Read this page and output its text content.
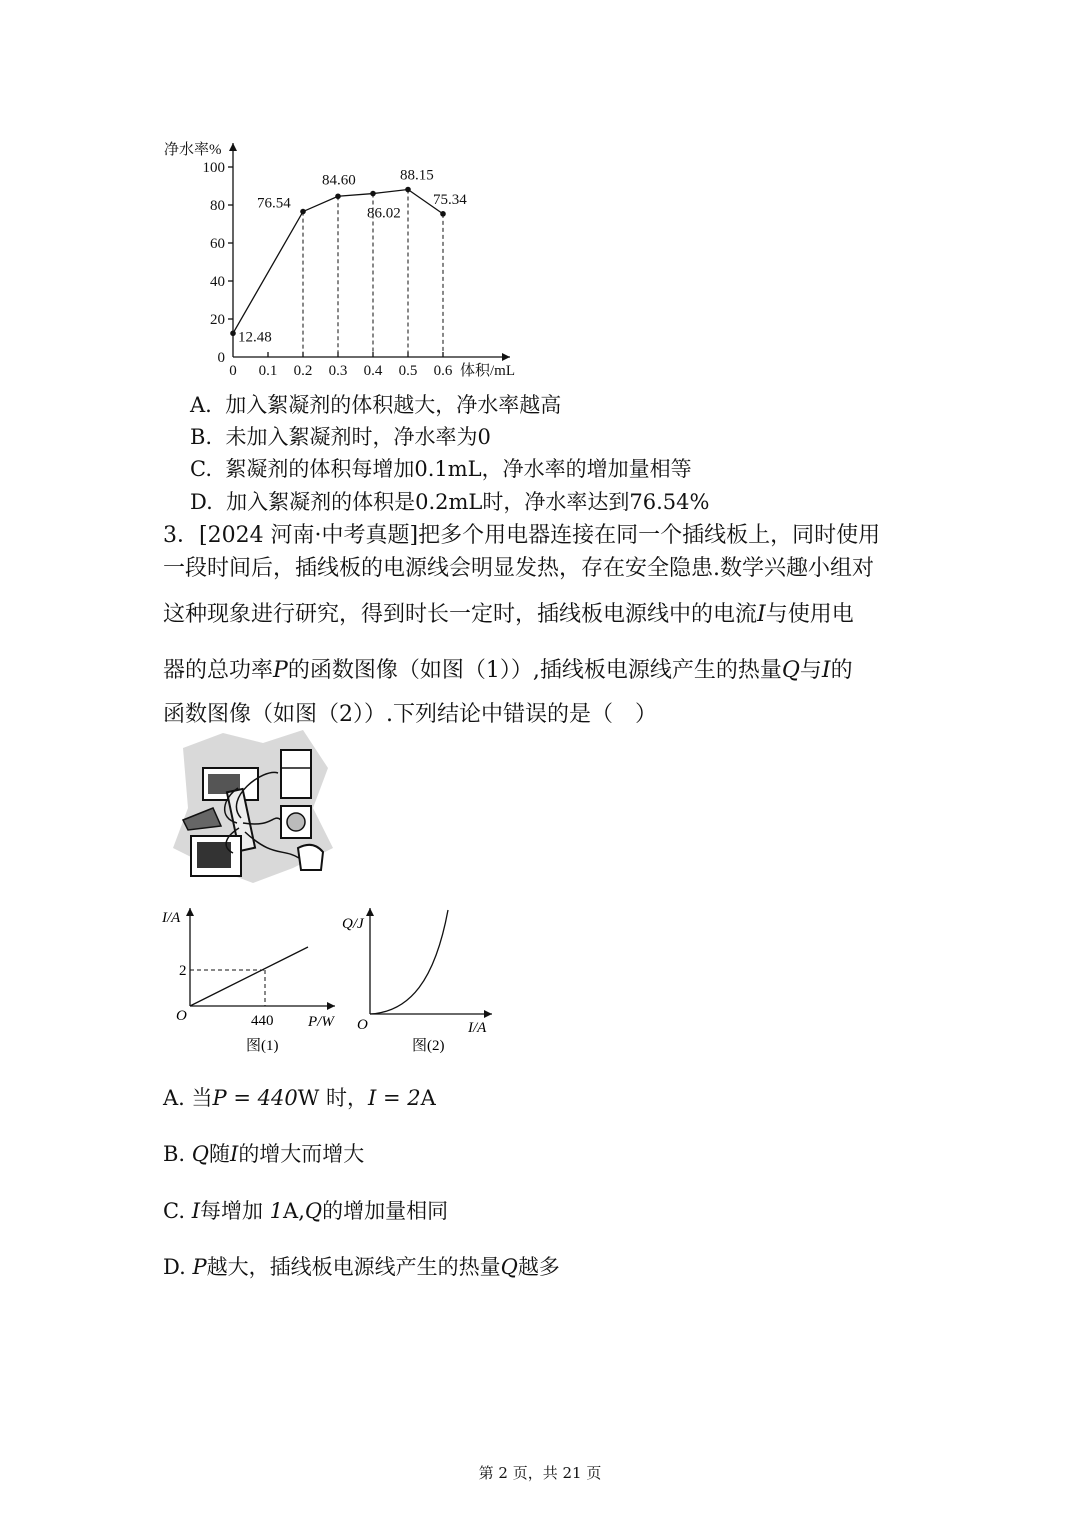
0
20
40
60
80
100
0 0.1 0.2 0.3 0.4 0.5 0.6
净水率%
体积/mL
12.48
76.54
84.60
86.02
88.15
75.34
A. 加入絮凝剂的体积越大，净水率越高
B. 未加入絮凝剂时，净水率为0
C. 絮凝剂的体积每增加0.1mL，净水率的增加量相等
D. 加入絮凝剂的体积是0.2mL时，净水率达到76.54%
3．[2024 河南·中考真题]把多个用电器连接在同一个插线板上，同时使用
一段时间后，插线板的电源线会明显发热，存在安全隐患.数学兴趣小组对
这种现象进行研究，得到时长一定时，插线板电源线中的电流I与使用电
器的总功率P的函数图像（如图（1））,插线板电源线产生的热量Q与I的
函数图像（如图（2））.下列结论中错误的是（　）
I/A
2
O	440 P/W
图(1)
Q/J
O	I/A
图(2)
A. 当P = 440W 时，I = 2A
B. Q随I的增大而增大
C. I每增加 1A,Q的增加量相同
D. P越大，插线板电源线产生的热量Q越多
第 2 页，共 21 页
